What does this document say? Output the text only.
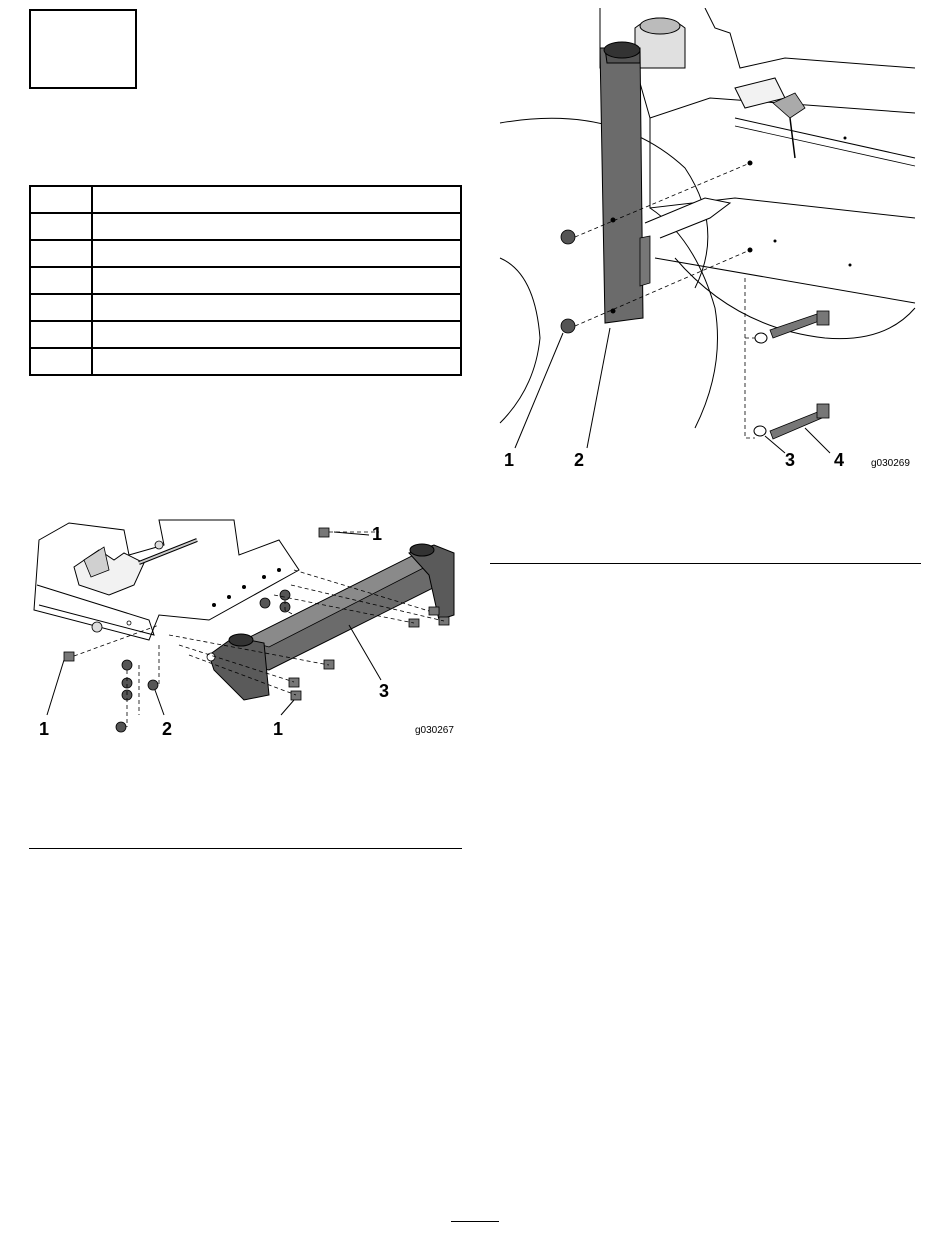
1
1	2	1
3
g030267
1	2	3 4	g030269
